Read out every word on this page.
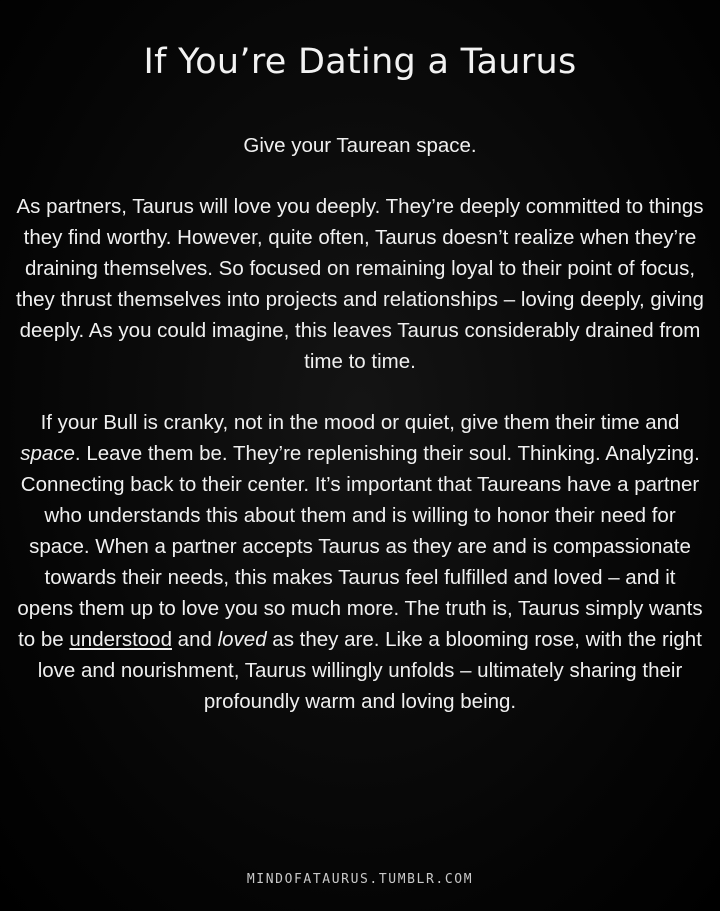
If You’re Dating a Taurus

Give your Taurean space.

As partners, Taurus will love you deeply. They’re deeply committed to things they find worthy. However, quite often, Taurus doesn’t realize when they’re draining themselves. So focused on remaining loyal to their point of focus, they thrust themselves into projects and relationships – loving deeply, giving deeply. As you could imagine, this leaves Taurus considerably drained from time to time.

If your Bull is cranky, not in the mood or quiet, give them their time and space. Leave them be. They’re replenishing their soul. Thinking. Analyzing. Connecting back to their center. It’s important that Taureans have a partner who understands this about them and is willing to honor their need for space. When a partner accepts Taurus as they are and is compassionate towards their needs, this makes Taurus feel fulfilled and loved – and it opens them up to love you so much more. The truth is, Taurus simply wants to be understood and loved as they are. Like a blooming rose, with the right love and nourishment, Taurus willingly unfolds – ultimately sharing their profoundly warm and loving being.

MINDOFATAURUS.TUMBLR.COM
